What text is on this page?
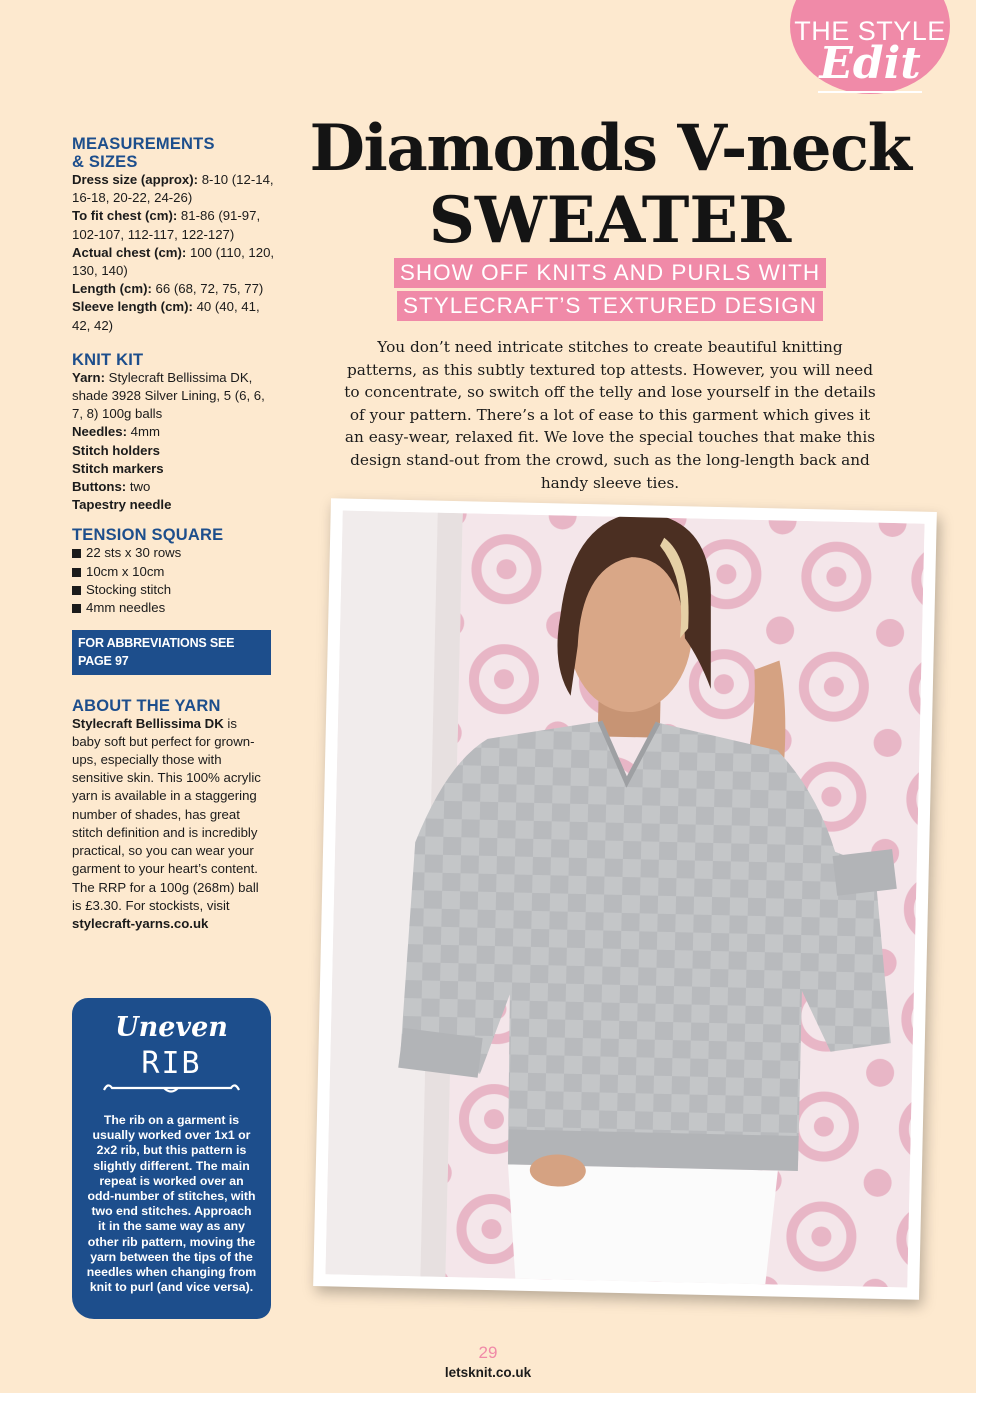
THE STYLE
Edit
MEASUREMENTS & SIZES

Dress size (approx): 8-10 (12-14, 16-18, 20-22, 24-26)

To fit chest (cm): 81-86 (91-97, 102-107, 112-117, 122-127)

Actual chest (cm): 100 (110, 120, 130, 140)

Length (cm): 66 (68, 72, 75, 77)

Sleeve length (cm): 40 (40, 41, 42, 42)

KNIT KIT

Yarn: Stylecraft Bellissima DK, shade 3928 Silver Lining, 5 (6, 6, 7, 8) 100g balls

Needles: 4mm

Stitch holders

Stitch markers

Buttons: two

Tapestry needle

TENSION SQUARE
22 sts x 30 rows
10cm x 10cm
Stocking stitch
4mm needles
FOR ABBREVIATIONS SEE PAGE 97
ABOUT THE YARN

Stylecraft Bellissima DK is baby soft but perfect for grown-ups, especially those with sensitive skin. This 100% acrylic yarn is available in a staggering number of shades, has great stitch definition and is incredibly practical, so you can wear your garment to your heart’s content. The RRP for a 100g (268m) ball is £3.30. For stockists, visit stylecraft-yarns.co.uk

Uneven
RIB
The rib on a garment is usually worked over 1x1 or 2x2 rib, but this pattern is slightly different. The main repeat is worked over an odd-number of stitches, with two end stitches. Approach it in the same way as any other rib pattern, moving the yarn between the tips of the needles when changing from knit to purl (and vice versa).
Diamonds V-neck
SWEATER
SHOW OFF KNITS AND PURLS WITH
STYLECRAFT’S TEXTURED DESIGN
You don’t need intricate stitches to create beautiful knitting patterns, as this subtly textured top attests. However, you will need to concentrate, so switch off the telly and lose yourself in the details of your pattern. There’s a lot of ease to this garment which gives it an easy-wear, relaxed fit. We love the special touches that make this design stand-out from the crowd, such as the long-length back and handy sleeve ties.
29
letsknit.co.uk
